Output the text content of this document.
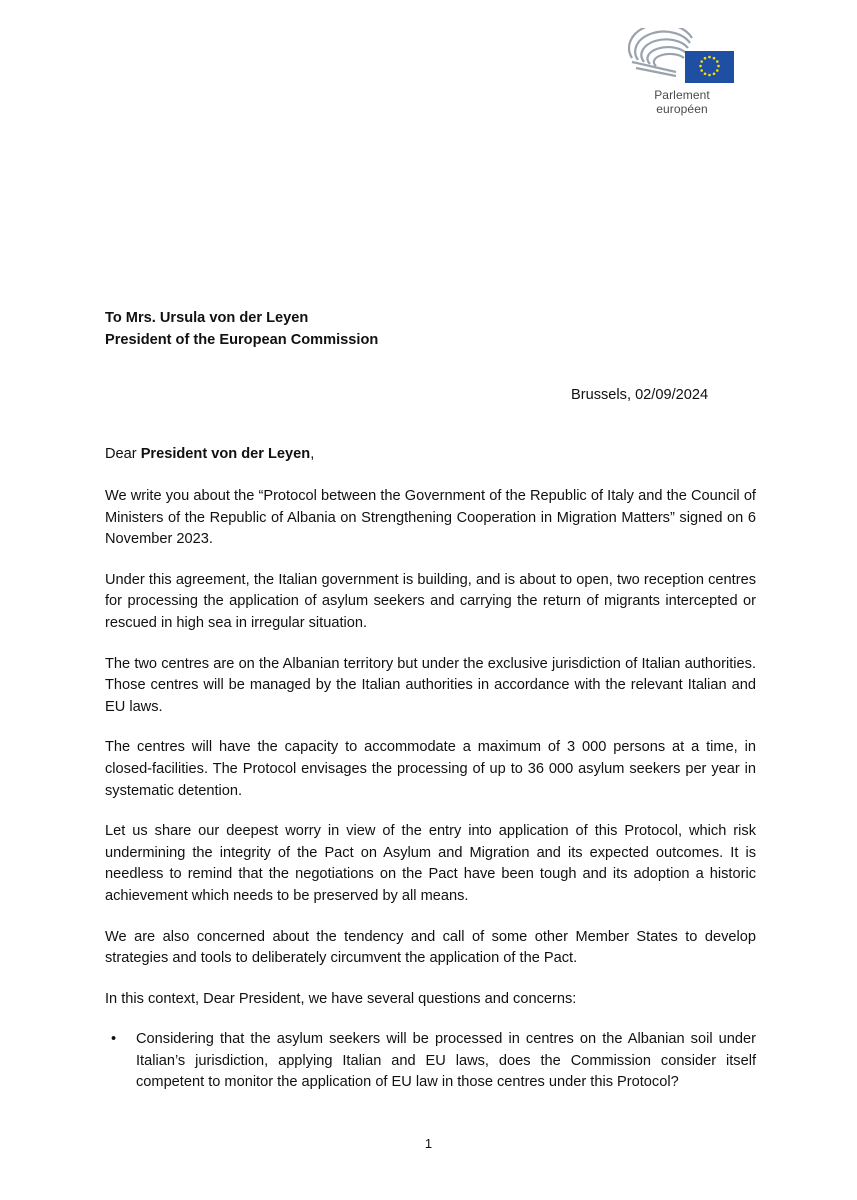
Parlement européen

To Mrs. Ursula von der Leyen

President of the European Commission

Brussels, 02/09/2024
Dear President von der Leyen,

We write you about the “Protocol between the Government of the Republic of Italy and the Council of Ministers of the Republic of Albania on Strengthening Cooperation in Migration Matters” signed on 6 November 2023.

Under this agreement, the Italian government is building, and is about to open, two reception centres for processing the application of asylum seekers and carrying the return of migrants intercepted or rescued in high sea in irregular situation.

The two centres are on the Albanian territory but under the exclusive jurisdiction of Italian authorities. Those centres will be managed by the Italian authorities in accordance with the relevant Italian and EU laws.

The centres will have the capacity to accommodate a maximum of 3 000 persons at a time, in closed-facilities. The Protocol envisages the processing of up to 36 000 asylum seekers per year in systematic detention.

Let us share our deepest worry in view of the entry into application of this Protocol, which risk undermining the integrity of the Pact on Asylum and Migration and its expected outcomes. It is needless to remind that the negotiations on the Pact have been tough and its adoption a historic achievement which needs to be preserved by all means.

We are also concerned about the tendency and call of some other Member States to develop strategies and tools to deliberately circumvent the application of the Pact.

In this context, Dear President, we have several questions and concerns:

• Considering that the asylum seekers will be processed in centres on the Albanian soil under Italian’s jurisdiction, applying Italian and EU laws, does the Commission consider itself competent to monitor the application of EU law in those centres under this Protocol?
1
